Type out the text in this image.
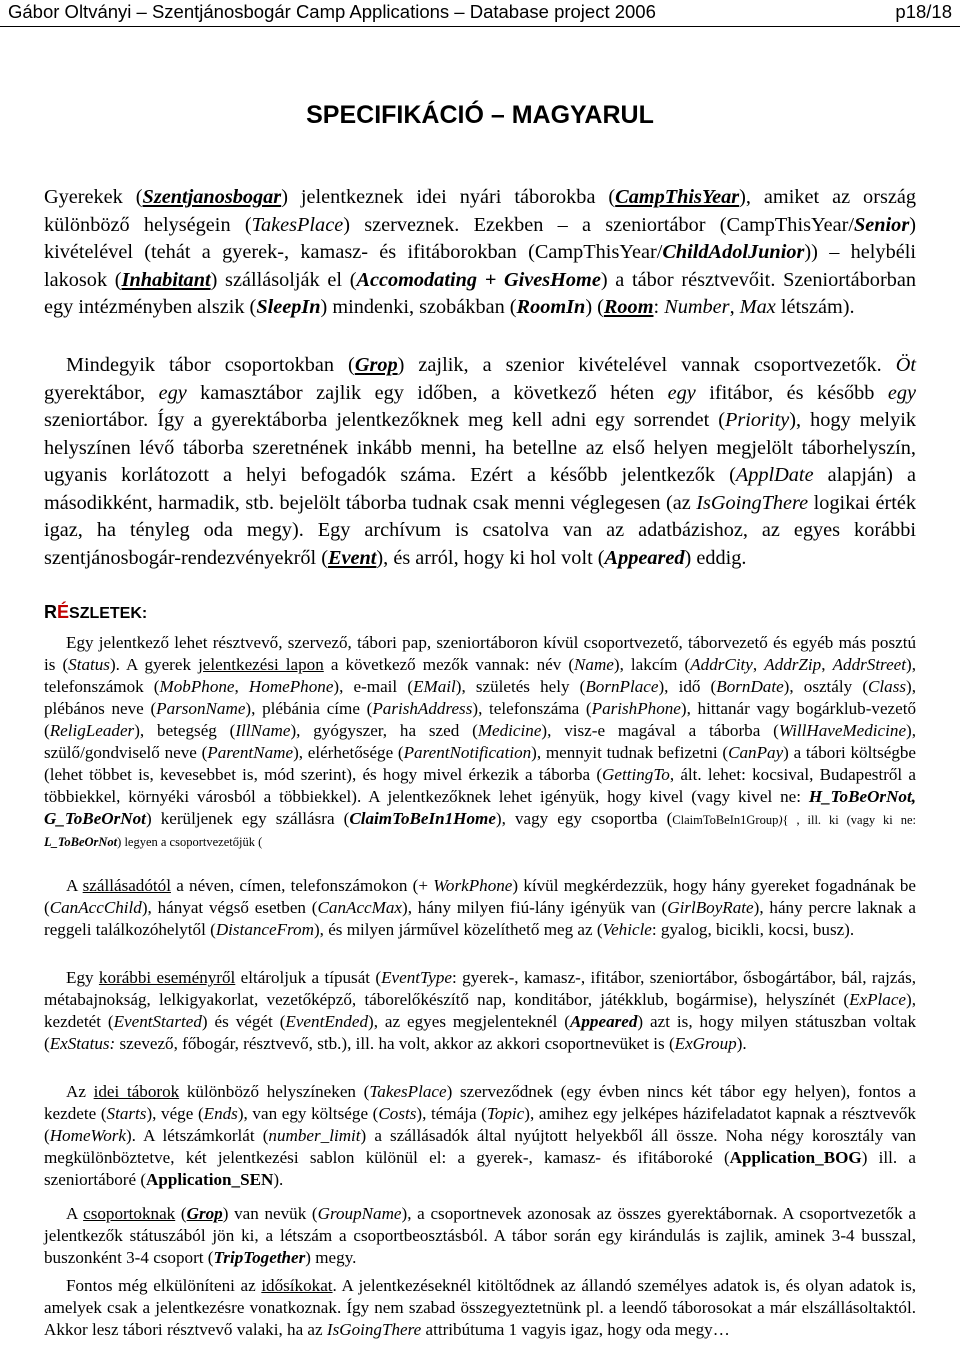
Gábor Oltványi – Szentjánosbogár Camp Applications – Database project 2006	p18/18
SPECIFIKÁCIÓ – MAGYARUL

Gyerekek (Szentjanosbogar) jelentkeznek idei nyári táborokba (CampThisYear), amiket az ország különböző helységein (TakesPlace) szerveznek. Ezekben – a szeniortábor (CampThisYear/Senior) kivételével (tehát a gyerek-, kamasz- és ifitáborokban (CampThisYear/ChildAdolJunior)) – helybéli lakosok (Inhabitant) szállásolják el (Accomodating + GivesHome) a tábor résztvevőit. Szeniortáborban egy intézményben alszik (SleepIn) mindenki, szobákban (RoomIn) (Room: Number, Max létszám).

Mindegyik tábor csoportokban (Grop) zajlik, a szenior kivételével vannak csoportvezetők. Öt gyerektábor, egy kamasztábor zajlik egy időben, a következő héten egy ifitábor, és később egy szeniortábor. Így a gyerektáborba jelentkezőknek meg kell adni egy sorrendet (Priority), hogy melyik helyszínen lévő táborba szeretnének inkább menni, ha betellne az első helyen megjelölt táborhelyszín, ugyanis korlátozott a helyi befogadók száma. Ezért a később jelentkezők (ApplDate alapján) a másodikként, harmadik, stb. bejelölt táborba tudnak csak menni véglegesen (az IsGoingThere logikai érték igaz, ha tényleg oda megy). Egy archívum is csatolva van az adatbázishoz, az egyes korábbi szentjánosbogár-rendezvényekről (Event), és arról, hogy ki hol volt (Appeared) eddig.

RÉSZLETEK:

Egy jelentkező lehet résztvevő, szervező, tábori pap, szeniortáboron kívül csoportvezető, táborvezető és egyéb más posztú is (Status). A gyerek jelentkezési lapon a következő mezők vannak: név (Name), lakcím (AddrCity, AddrZip, AddrStreet), telefonszámok (MobPhone, HomePhone), e-mail (EMail), születés hely (BornPlace), idő (BornDate), osztály (Class), plébános neve (ParsonName), plébánia címe (ParishAddress), telefonszáma (ParishPhone), hittanár vagy bogárklub-vezető (ReligLeader), betegség (IllName), gyógyszer, ha szed (Medicine), visz-e magával a táborba (WillHaveMedicine), szülő/gondviselő neve (ParentName), elérhetősége (ParentNotification), mennyit tudnak befizetni (CanPay) a tábori költségbe (lehet többet is, kevesebbet is, mód szerint), és hogy mivel érkezik a táborba (GettingTo, ált. lehet: kocsival, Budapestről a többiekkel, környéki városból a többiekkel). A jelentkezőknek lehet igényük, hogy kivel (vagy kivel ne: H_ToBeOrNot, G_ToBeOrNot) kerüljenek egy szállásra (ClaimToBeIn1Home), vagy egy csoportba (ClaimToBeIn1Group){ , ill. ki (vagy ki ne: L_ToBeOrNot) legyen a csoportvezetőjük (

A szállásadótól a néven, címen, telefonszámokon (+ WorkPhone) kívül megkérdezzük, hogy hány gyereket fogadnának be (CanAccChild), hányat végső esetben (CanAccMax), hány milyen fiú-lány igényük van (GirlBoyRate), hány percre laknak a reggeli találkozóhelytől (DistanceFrom), és milyen járművel közelíthető meg az (Vehicle: gyalog, bicikli, kocsi, busz).

Egy korábbi eseményről eltároljuk a típusát (EventType: gyerek-, kamasz-, ifitábor, szeniortábor, ősbogártábor, bál, rajzás, métabajnokság, lelkigyakorlat, vezetőképző, táborelőkészítő nap, konditábor, játékklub, bogármise), helyszínét (ExPlace), kezdetét (EventStarted) és végét (EventEnded), az egyes megjelenteknél (Appeared) azt is, hogy milyen státuszban voltak (ExStatus: szevező, főbogár, résztvevő, stb.), ill. ha volt, akkor az akkori csoportnevüket is (ExGroup).

Az idei táborok különböző helyszíneken (TakesPlace) szerveződnek (egy évben nincs két tábor egy helyen), fontos a kezdete (Starts), vége (Ends), van egy költsége (Costs), témája (Topic), amihez egy jelképes házifeladatot kapnak a résztvevők (HomeWork). A létszámkorlát (number_limit) a szállásadók által nyújtott helyekből áll össze. Noha négy korosztály van megkülönböztetve, két jelentkezési sablon különül el: a gyerek-, kamasz- és ifitáboroké (Application_BOG) ill. a szeniortáboré (Application_SEN).

A csoportoknak (Grop) van nevük (GroupName), a csoportnevek azonosak az összes gyerektábornak. A csoportvezetők a jelentkezők státuszából jön ki, a létszám a csoportbeosztásból. A tábor során egy kirándulás is zajlik, aminek 3-4 busszal, buszonként 3-4 csoport (TripTogether) megy.

Fontos még elkülöníteni az idősíkokat. A jelentkezéseknél kitöltődnek az állandó személyes adatok is, és olyan adatok is, amelyek csak a jelentkezésre vonatkoznak. Így nem szabad összegyeztetnünk pl. a leendő táborosokat a már elszállásoltaktól. Akkor lesz tábori résztvevő valaki, ha az IsGoingThere attribútuma 1 vagyis igaz, hogy oda megy…
